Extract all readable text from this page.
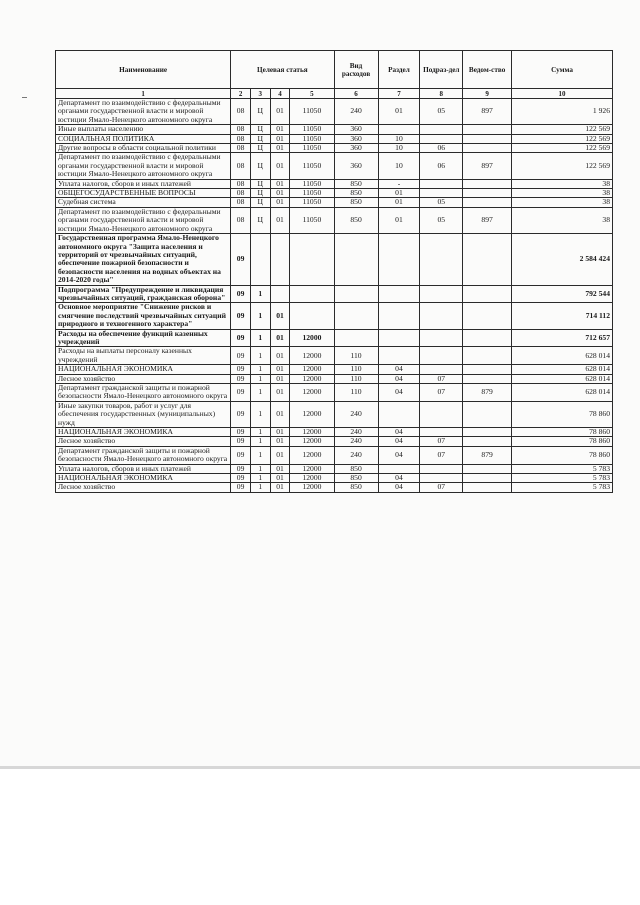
Наименование	Целевая статья				Вид расходов	Раздел	Подраз-дел	Ведом-ство	Сумма
1	2	3	4	5	6	7	8	9	10
Департамент по взаимодействию с федеральными органами государственной власти и мировой юстиции Ямало-Ненецкого автономного округа	08	Ц	01	11050	240	01	05	897	1 926
Иные выплаты населению	08	Ц	01	11050	360				122 569
СОЦИАЛЬНАЯ ПОЛИТИКА	08	Ц	01	11050	360	10			122 569
Другие вопросы в области социальной политики	08	Ц	01	11050	360	10	06		122 569
Департамент по взаимодействию с федеральными органами государственной власти и мировой юстиции Ямало-Ненецкого автономного округа	08	Ц	01	11050	360	10	06	897	122 569
Уплата налогов, сборов и иных платежей	08	Ц	01	11050	850	-			38
ОБЩЕГОСУДАРСТВЕННЫЕ ВОПРОСЫ	08	Ц	01	11050	850	01			38
Судебная система	08	Ц	01	11050	850	01	05		38
Департамент по взаимодействию с федеральными органами государственной власти и мировой юстиции Ямало-Ненецкого автономного округа	08	Ц	01	11050	850	01	05	897	38
Государственная программа Ямало-Ненецкого автономного округа "Защита населения и территорий от чрезвычайных ситуаций, обеспечение пожарной безопасности и безопасности населения на водных объектах на 2014-2020 годы"	09								2 584 424
Подпрограмма "Предупреждение и ликвидация чрезвычайных ситуаций, гражданская оборона"	09	1							792 544
Основное мероприятие "Снижение рисков и смягчение последствий чрезвычайных ситуаций природного и техногенного характера"	09	1	01						714 112
Расходы на обеспечение функций казенных учреждений	09	1	01	12000					712 657
Расходы на выплаты персоналу казенных учреждений	09	1	01	12000	110				628 014
НАЦИОНАЛЬНАЯ ЭКОНОМИКА	09	1	01	12000	110	04			628 014
Лесное хозяйство	09	1	01	12000	110	04	07		628 014
Департамент гражданской защиты и пожарной безопасности Ямало-Ненецкого автономного округа	09	1	01	12000	110	04	07	879	628 014
Иные закупки товаров, работ и услуг для обеспечения государственных (муниципальных) нужд	09	1	01	12000	240				78 860
НАЦИОНАЛЬНАЯ ЭКОНОМИКА	09	1	01	12000	240	04			78 860
Лесное хозяйство	09	1	01	12000	240	04	07		78 860
Департамент гражданской защиты и пожарной безопасности Ямало-Ненецкого автономного округа	09	1	01	12000	240	04	07	879	78 860
Уплата налогов, сборов и иных платежей	09	1	01	12000	850				5 783
НАЦИОНАЛЬНАЯ ЭКОНОМИКА	09	1	01	12000	850	04			5 783
Лесное хозяйство	09	1	01	12000	850	04	07		5 783
